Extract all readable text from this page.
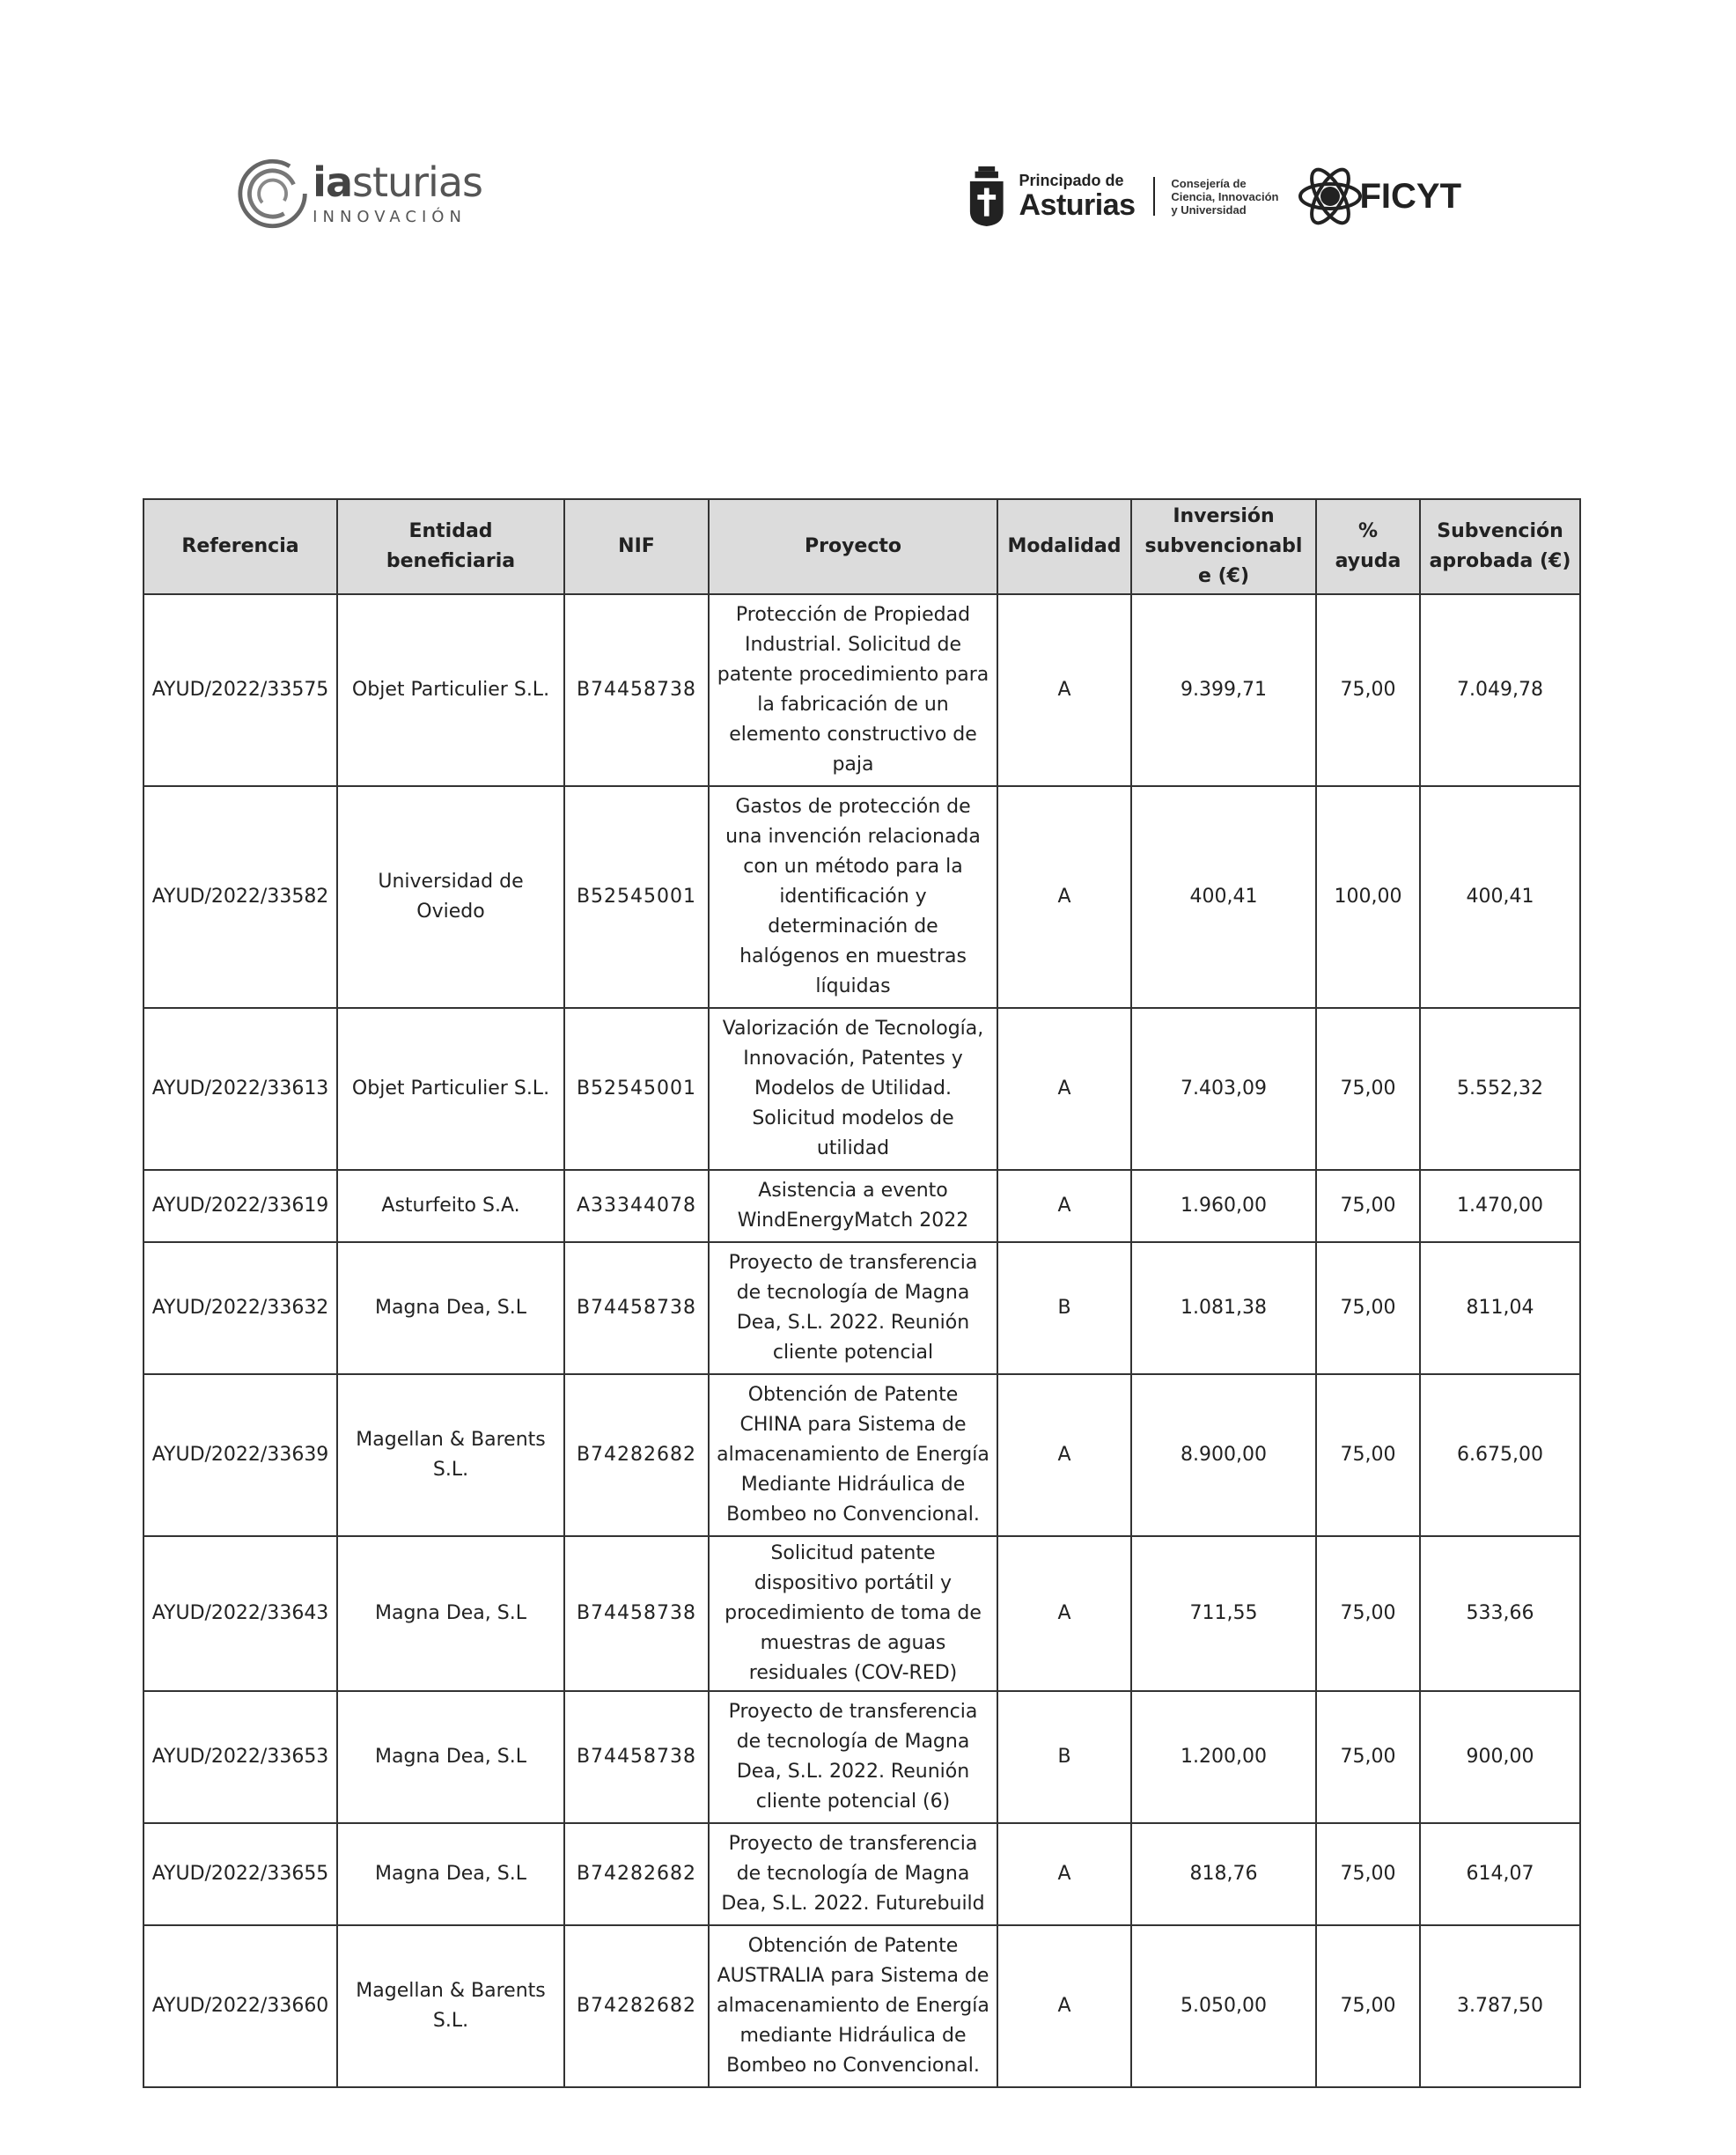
iasturias
INNOVACIÓN
Principado de
Asturias
Consejería de Ciencia, Innovación y Universidad	FICYT
Referencia	Entidad beneficiaria	NIF	Proyecto	Modalidad	Inversión subvencionable (€)	% ayuda	Subvención aprobada (€)
AYUD/2022/33575	Objet Particulier S.L.	B74458738	Protección de Propiedad Industrial. Solicitud de patente procedimiento para la fabricación de un elemento constructivo de paja	A	9.399,71	75,00	7.049,78
AYUD/2022/33582	Universidad de Oviedo	B52545001	Gastos de protección de una invención relacionada con un método para la identificación y determinación de halógenos en muestras líquidas	A	400,41	100,00	400,41
AYUD/2022/33613	Objet Particulier S.L.	B52545001	Valorización de Tecnología, Innovación, Patentes y Modelos de Utilidad. Solicitud modelos de utilidad	A	7.403,09	75,00	5.552,32
AYUD/2022/33619	Asturfeito S.A.	A33344078	Asistencia a evento WindEnergyMatch 2022	A	1.960,00	75,00	1.470,00
AYUD/2022/33632	Magna Dea, S.L	B74458738	Proyecto de transferencia de tecnología de Magna Dea, S.L. 2022. Reunión cliente potencial	B	1.081,38	75,00	811,04
AYUD/2022/33639	Magellan & Barents S.L.	B74282682	Obtención de Patente CHINA para Sistema de almacenamiento de Energía Mediante Hidráulica de Bombeo no Convencional.	A	8.900,00	75,00	6.675,00
AYUD/2022/33643	Magna Dea, S.L	B74458738	Solicitud patente dispositivo portátil y procedimiento de toma de muestras de aguas residuales (COV-RED)	A	711,55	75,00	533,66
AYUD/2022/33653	Magna Dea, S.L	B74458738	Proyecto de transferencia de tecnología de Magna Dea, S.L. 2022. Reunión cliente potencial (6)	B	1.200,00	75,00	900,00
AYUD/2022/33655	Magna Dea, S.L	B74282682	Proyecto de transferencia de tecnología de Magna Dea, S.L. 2022. Futurebuild	A	818,76	75,00	614,07
AYUD/2022/33660	Magellan & Barents S.L.	B74282682	Obtención de Patente AUSTRALIA para Sistema de almacenamiento de Energía mediante Hidráulica de Bombeo no Convencional.	A	5.050,00	75,00	3.787,50
